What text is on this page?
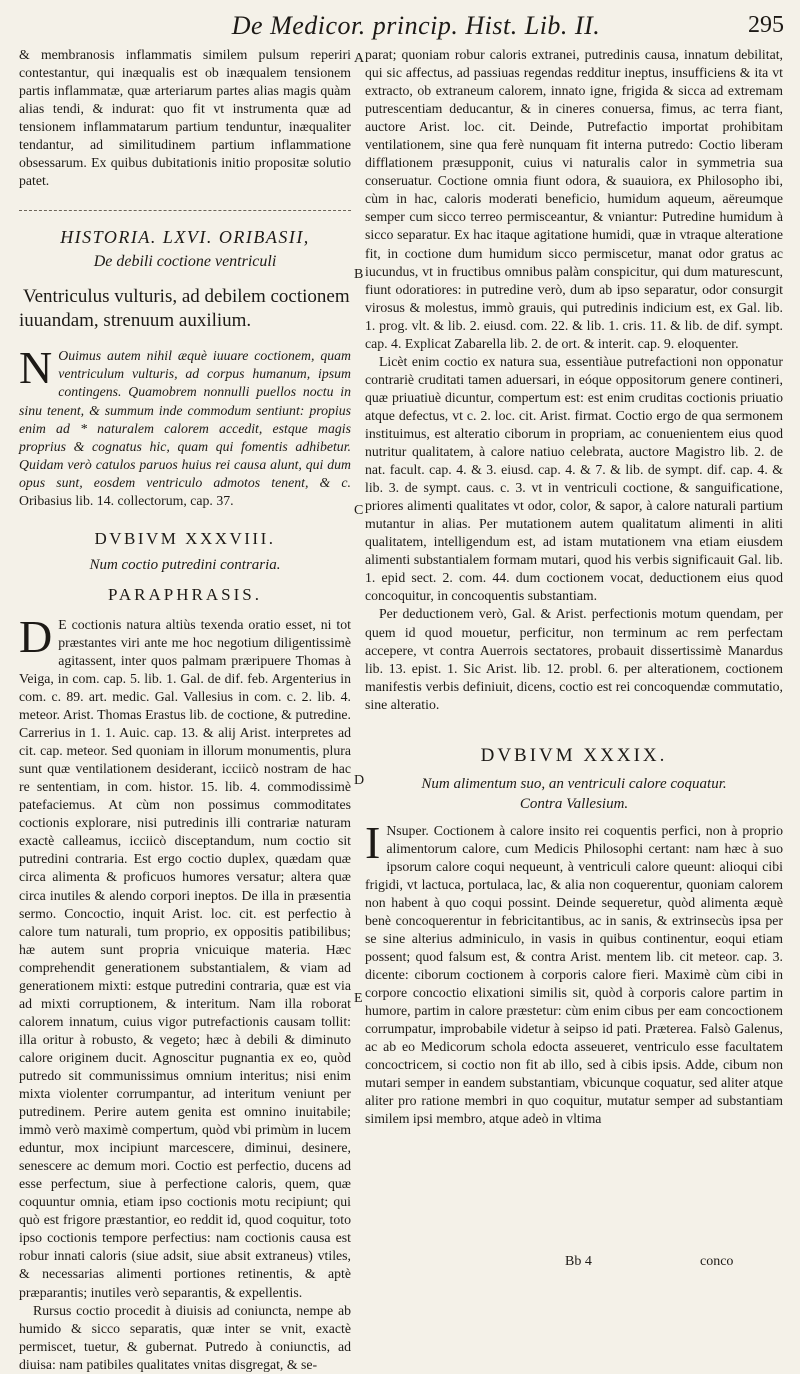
De Medicor. princip. Hist. Lib. II.	295
A
B
C
D
E

& membranosis inflammatis similem pulsum reperiri contestantur, qui inæqualis est ob inæqualem tensionem partis inflammatæ, quæ arteriarum partes alias magis quàm alias tendi, & indurat: quo fit vt instrumenta quæ ad tensionem inflammatarum partium tenduntur, inæqualiter tendantur, ad similitudinem partium inflammatione obsessarum. Ex quibus dubitationis initio propositæ solutio patet.

HISTORIA. LXVI. ORIBASII,

De debili coctione ventriculi

Ventriculus vulturis, ad debilem coctionem iuuandam, strenuum auxilium.

N Ouimus autem nihil æquè iuuare coctionem, quam ventriculum vulturis, ad corpus humanum, ipsum contingens. Quamobrem nonnulli puellos noctu in sinu tenent, & summum inde commodum sentiunt: propius enim ad * naturalem calorem accedit, estque magis proprius & cognatus hic, quam qui fomentis adhibetur. Quidam verò catulos paruos huius rei causa alunt, qui dum opus sunt, eosdem ventriculo admotos tenent, & c. Oribasius lib. 14. collectorum, cap. 37.

DVBIVM XXXVIII.

Num coctio putredini contraria.

PARAPHRASIS.

D E coctionis natura altiùs texenda oratio esset, ni tot præstantes viri ante me hoc negotium diligentissimè agitassent, inter quos palmam præripuere Thomas à Veiga, in com. cap. 5. lib. 1. Gal. de dif. feb. Argenterius in com. c. 89. art. medic. Gal. Vallesius in com. c. 2. lib. 4. meteor. Arist. Thomas Erastus lib. de coctione, & putredine. Carrerius in 1. 1. Auic. cap. 13. & alij Arist. interpretes ad cit. cap. meteor. Sed quoniam in illorum monumentis, plura sunt quæ ventilationem desiderant, icciicò nostram de hac re sententiam, in com. histor. 15. lib. 4. commodissimè patefaciemus. At cùm non possimus commoditates coctionis explorare, nisi putredinis illi contrariæ naturam exactè calleamus, icciicò disceptandum, num coctio sit putredini contraria. Est ergo coctio duplex, quædam quæ circa alimenta & proficuos humores versatur; altera quæ circa inutiles & alendo corpori ineptos. De illa in præsentia sermo. Concoctio, inquit Arist. loc. cit. est perfectio à calore tum naturali, tum proprio, ex oppositis patibilibus; hæ autem sunt propria vnicuique materia. Hæc comprehendit generationem substantialem, & viam ad generationem mixti: estque putredini contraria, quæ est via ad mixti corruptionem, & interitum. Nam illa roborat calorem innatum, cuius vigor putrefactionis causam tollit: illa oritur à robusto, & vegeto; hæc à debili & diminuto calore originem ducit. Agnoscitur pugnantia ex eo, quòd putredo sit communissimus omnium interitus; nisi enim mixta violenter corrumpantur, ad interitum veniunt per putredinem. Perire autem genita est omnino inuitabile; immò verò maximè compertum, quòd vbi primùm in lucem eduntur, mox incipiunt marcescere, diminui, desinere, senescere ac demum mori. Coctio est perfectio, ducens ad esse perfectum, siue à perfectione caloris, quem, quæ coquuntur omnia, etiam ipso coctionis motu recipiunt; qui quò est frigore præstantior, eo reddit id, quod coquitur, toto ipso coctionis tempore perfectius: nam coctionis causa est robur innati caloris (siue adsit, siue absit extraneus) vtiles, & necessarias alimenti portiones retinentis, & aptè præparantis; inutiles verò separantis, & expellentis.

Rursus coctio procedit à diuisis ad coniuncta, nempe ab humido & sicco separatis, quæ inter se vnit, exactè permiscet, tuetur, & gubernat. Putredo à coniunctis, ad diuisa: nam patibiles qualitates vnitas disgregat, & se-

parat; quoniam robur caloris extranei, putredinis causa, innatum debilitat, qui sic affectus, ad passiuas regendas redditur ineptus, insufficiens & ita vt extracto, ob extraneum calorem, innato igne, frigida & sicca ad extremam putrescentiam deducantur, & in cineres conuersa, fimus, ac terra fiant, auctore Arist. loc. cit. Deinde, Putrefactio importat prohibitam ventilationem, sine qua ferè nunquam fit interna putredo: Coctio liberam difflationem præsupponit, cuius vi naturalis calor in symmetria sua conseruatur. Coctione omnia fiunt odora, & suauiora, ex Philosopho ibi, cùm in hac, caloris moderati beneficio, humidum aqueum, aëreumque semper cum sicco terreo permisceantur, & vniantur: Putredine humidum à sicco separatur. Ex hac itaque agitatione humidi, quæ in vtraque alteratione fit, in coctione dum humidum sicco permiscetur, manat odor gratus ac iucundus, vt in fructibus omnibus palàm conspicitur, qui dum maturescunt, fiunt odoratiores: in putredine verò, dum ab ipso separatur, odor consurgit virosus & molestus, immò grauis, qui putredinis indicium est, ex Gal. lib. 1. prog. vlt. & lib. 2. eiusd. com. 22. & lib. 1. cris. 11. & lib. de dif. sympt. cap. 4. Explicat Zabarella lib. 2. de ort. & interit. cap. 9. eloquenter.

Licèt enim coctio ex natura sua, essentiàue putrefactioni non opponatur contrariè cruditati tamen aduersari, in eóque oppositorum genere contineri, quæ priuatiuè dicuntur, compertum est: est enim cruditas coctionis priuatio atque defectus, vt c. 2. loc. cit. Arist. firmat. Coctio ergo de qua sermonem instituimus, est alteratio ciborum in propriam, ac conuenientem eius quod nutritur qualitatem, à calore natiuo celebrata, auctore Magistro lib. 2. de nat. facult. cap. 4. & 3. eiusd. cap. 4. & 7. & lib. de sympt. dif. cap. 4. & lib. 3. de sympt. caus. c. 3. vt in ventriculi coctione, & sanguificatione, priores alimenti qualitates vt odor, color, & sapor, à calore naturali partium mutantur in alias. Per mutationem autem qualitatum alimenti in aliti qualitatem, intelligendum est, ad istam mutationem vna etiam eiusdem alimenti substantialem formam mutari, quod his verbis significauit Gal. lib. 1. epid sect. 2. com. 44. dum coctionem vocat, deductionem eius quod concoquitur, in concoquentis substantiam.

Per deductionem verò, Gal. & Arist. perfectionis motum quendam, per quem id quod mouetur, perficitur, non terminum ac rem perfectam accepere, vt contra Auerrois sectatores, probauit dissertissimè Manardus lib. 13. epist. 1. Sic Arist. lib. 12. probl. 6. per alterationem, coctionem manifestis verbis definiuit, dicens, coctio est rei concoquendæ commutatio, sine alteratio.

DVBIVM XXXIX.

Num alimentum suo, an ventriculi calore coquatur.

Contra Vallesium.

I Nsuper. Coctionem à calore insito rei coquentis perfici, non à proprio alimentorum calore, cum Medicis Philosophi certant: nam hæc à suo ipsorum calore coqui nequeunt, à ventriculi calore queunt: alioqui cibi frigidi, vt lactuca, portulaca, lac, & alia non coquerentur, quoniam calorem non habent à quo coqui possint. Deinde sequeretur, quòd alimenta æquè benè concoquerentur in febricitantibus, ac in sanis, & extrinsecùs ipsa per se sine alterius adminiculo, in vasis in quibus continentur, eoqui etiam possent; quod falsum est, & contra Arist. mentem lib. cit meteor. cap. 3. dicente: ciborum coctionem à corporis calore fieri. Maximè cùm cibi in corpore concoctio elixationi similis sit, quòd à corporis calore partim in humore, partim in calore præstetur: cùm enim cibus per eam concoctionem corrumpatur, improbabile videtur à seipso id pati. Præterea. Falsò Galenus, ac ab eo Medicorum schola edocta asseueret, ventriculo esse facultatem concoctricem, si coctio non fit ab illo, sed à cibis ipsis. Adde, cibum non mutari semper in eandem substantiam, vbicunque coquatur, sed aliter atque aliter pro ratione membri in quo coquitur, mutatur semper ad substantiam similem ipsi membro, atque adeò in vltima
Bb 4	conco
